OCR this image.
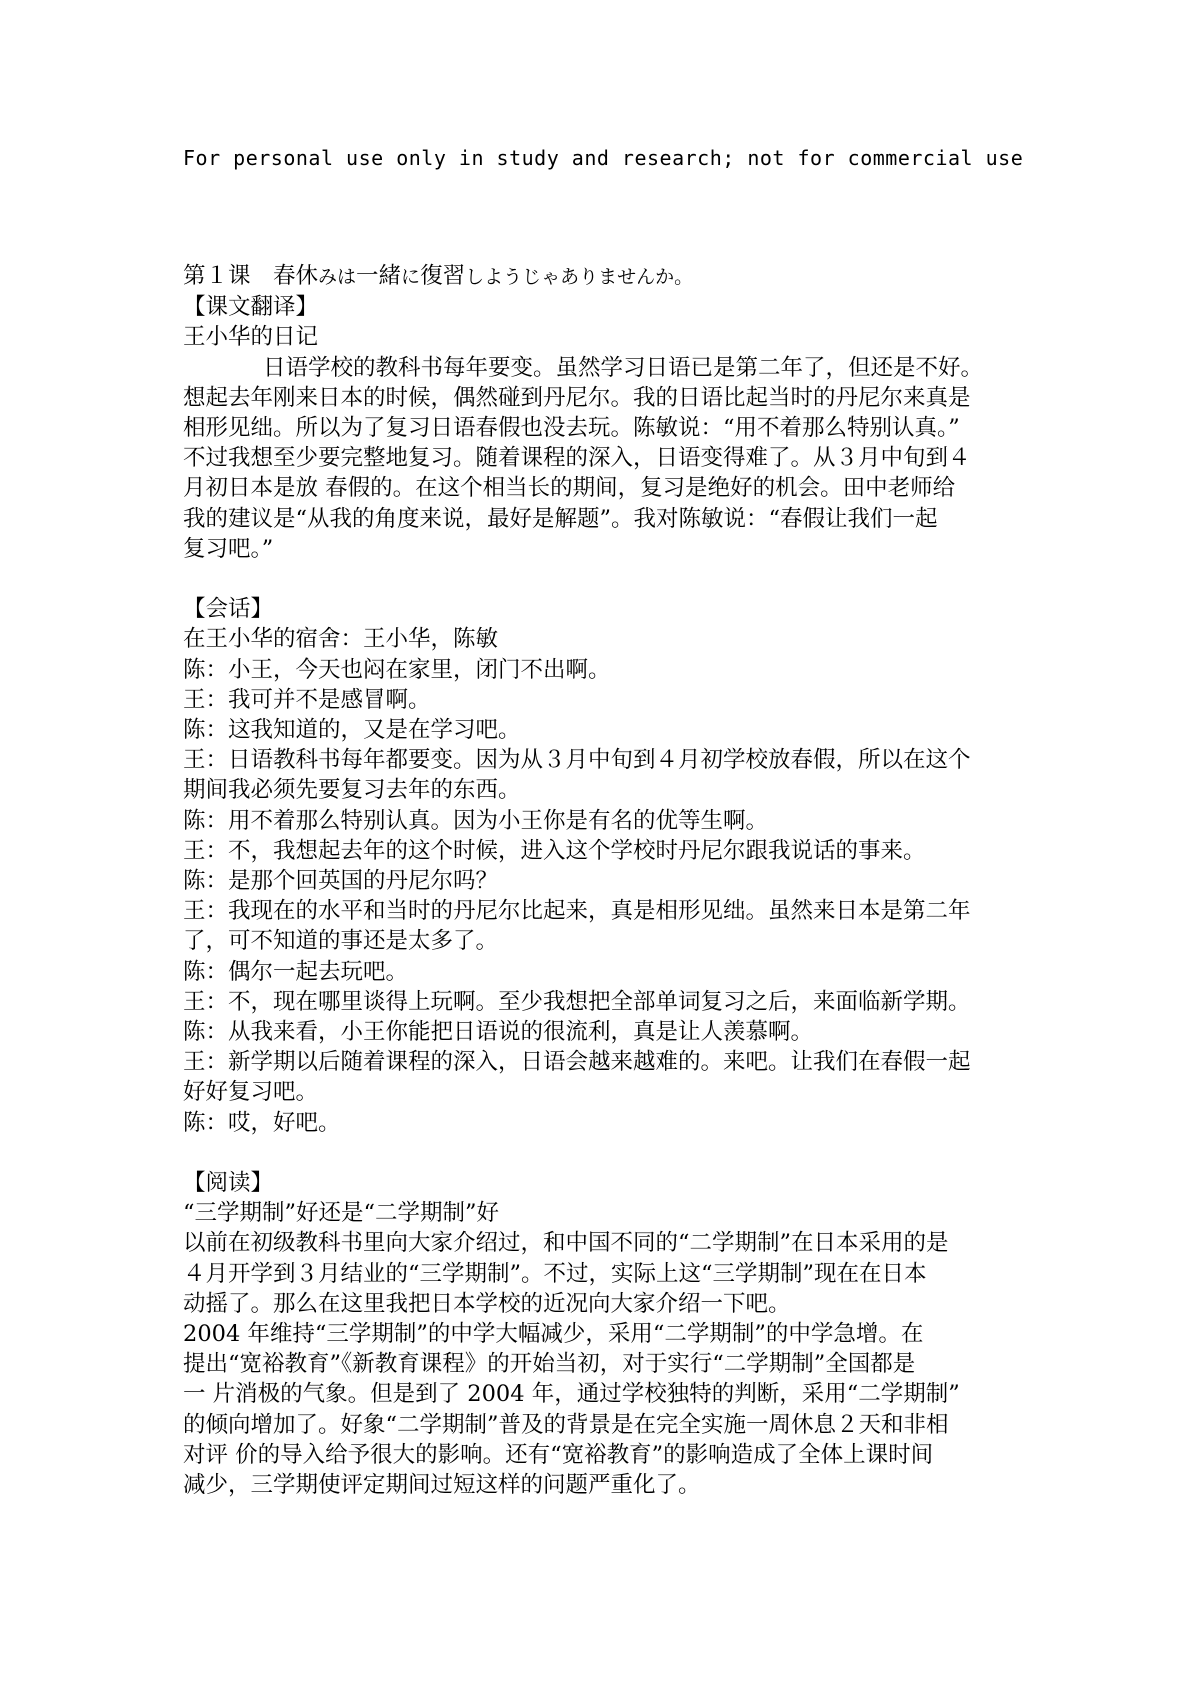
For personal use only in study and research; not for commercial use
第１课　春休みは一緒に復習しようじゃありませんか。
【课文翻译】
王小华的日记
日语学校的教科书每年要变。虽然学习日语已是第二年了，但还是不好。
想起去年刚来日本的时候，偶然碰到丹尼尔。我的日语比起当时的丹尼尔来真是
相形见绌。所以为了复习日语春假也没去玩。陈敏说：“用不着那么特别认真。”
不过我想至少要完整地复习。随着课程的深入，日语变得难了。从３月中旬到４
月初日本是放 春假的。在这个相当长的期间，复习是绝好的机会。田中老师给
我的建议是“从我的角度来说，最好是解题”。我对陈敏说：“春假让我们一起
复习吧。”
【会话】
在王小华的宿舍：王小华，陈敏
陈：小王，今天也闷在家里，闭门不出啊。
王：我可并不是感冒啊。
陈：这我知道的，又是在学习吧。
王：日语教科书每年都要变。因为从３月中旬到４月初学校放春假，所以在这个
期间我必须先要复习去年的东西。
陈：用不着那么特别认真。因为小王你是有名的优等生啊。
王：不，我想起去年的这个时候，进入这个学校时丹尼尔跟我说话的事来。
陈：是那个回英国的丹尼尔吗？
王：我现在的水平和当时的丹尼尔比起来，真是相形见绌。虽然来日本是第二年
了，可不知道的事还是太多了。
陈：偶尔一起去玩吧。
王：不，现在哪里谈得上玩啊。至少我想把全部单词复习之后，来面临新学期。
陈：从我来看，小王你能把日语说的很流利，真是让人羡慕啊。
王：新学期以后随着课程的深入，日语会越来越难的。来吧。让我们在春假一起
好好复习吧。
陈：哎，好吧。
【阅读】
“三学期制”好还是“二学期制”好
以前在初级教科书里向大家介绍过，和中国不同的“二学期制”在日本采用的是
４月开学到３月结业的“三学期制”。不过，实际上这“三学期制”现在在日本
动摇了。那么在这里我把日本学校的近况向大家介绍一下吧。
2004 年维持“三学期制”的中学大幅减少，采用“二学期制”的中学急增。在
提出“宽裕教育”《新教育课程》的开始当初，对于实行“二学期制”全国都是
一 片消极的气象。但是到了 2004 年，通过学校独特的判断，采用“二学期制”
的倾向增加了。好象“二学期制”普及的背景是在完全实施一周休息２天和非相
对评 价的导入给予很大的影响。还有“宽裕教育”的影响造成了全体上课时间
减少，三学期使评定期间过短这样的问题严重化了。
